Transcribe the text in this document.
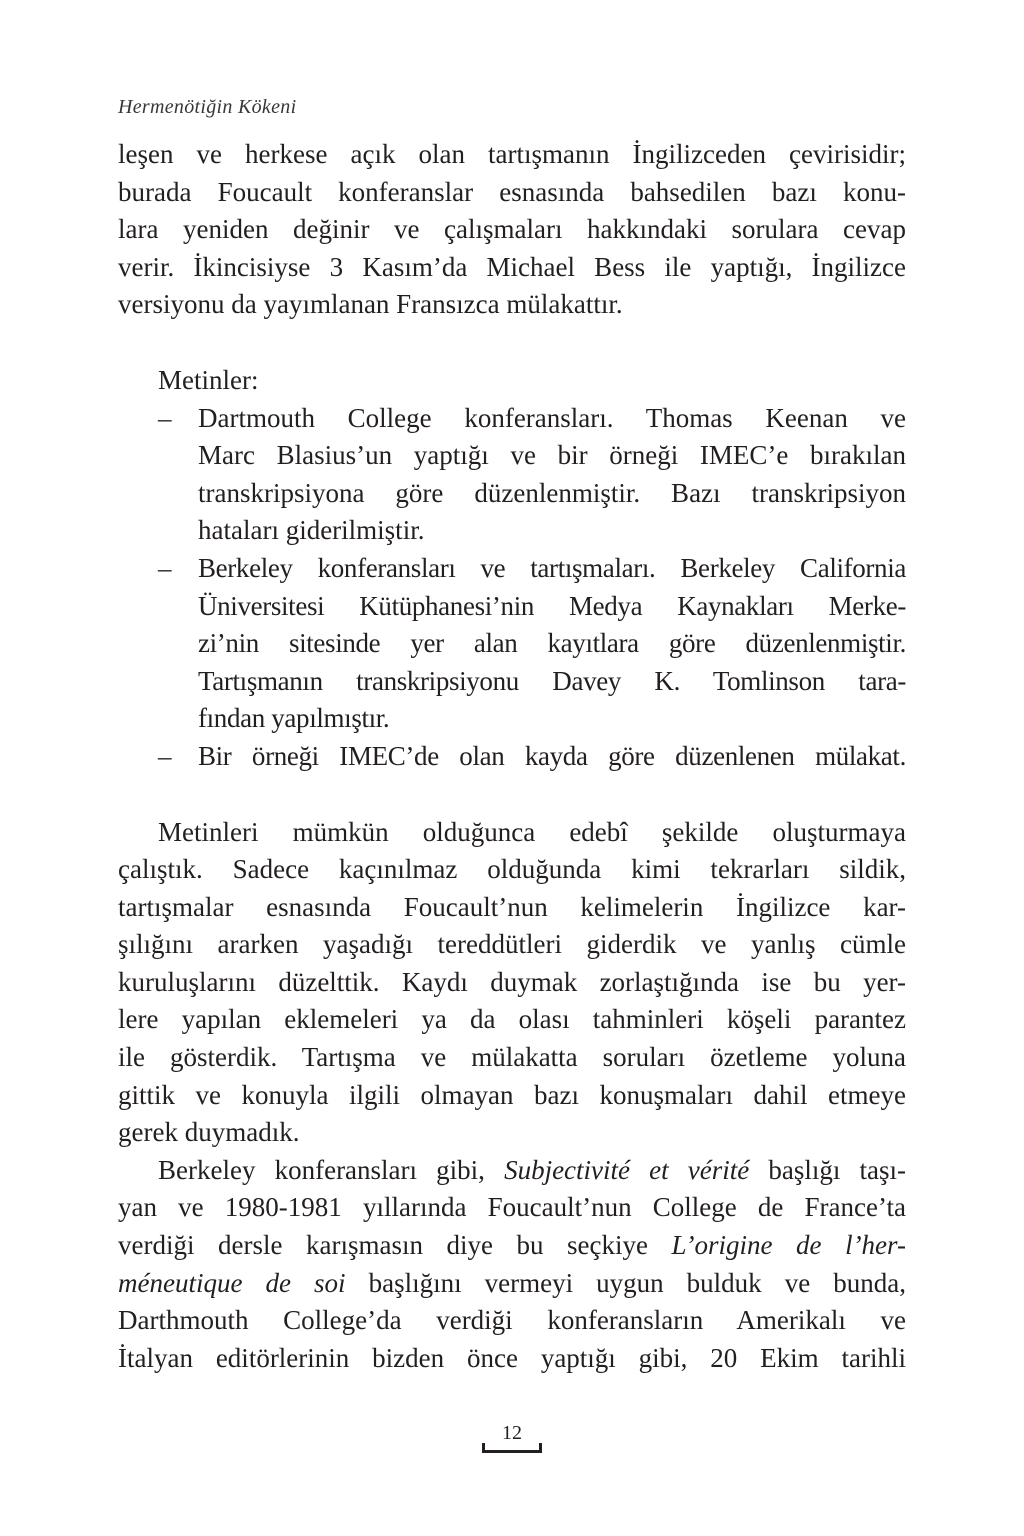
Hermenötiğin Kökeni
leşen ve herkese açık olan tartışmanın İngilizceden çevirisidir;
burada Foucault konferanslar esnasında bahsedilen bazı konu-
lara yeniden değinir ve çalışmaları hakkındaki sorulara cevap
verir. İkincisiyse 3 Kasım’da Michael Bess ile yaptığı, İngilizce
versiyonu da yayımlanan Fransızca mülakattır.
Metinler:
– Dartmouth College konferansları. Thomas Keenan ve
Marc Blasius’un yaptığı ve bir örneği IMEC’e bırakılan
transkripsiyona göre düzenlenmiştir. Bazı transkripsiyon
hataları giderilmiştir.
– Berkeley konferansları ve tartışmaları. Berkeley California
Üniversitesi Kütüphanesi’nin Medya Kaynakları Merke-
zi’nin sitesinde yer alan kayıtlara göre düzenlenmiştir.
Tartışmanın transkripsiyonu Davey K. Tomlinson tara-
fından yapılmıştır.
– Bir örneği IMEC’de olan kayda göre düzenlenen mülakat.
Metinleri mümkün olduğunca edebî şekilde oluşturmaya
çalıştık. Sadece kaçınılmaz olduğunda kimi tekrarları sildik,
tartışmalar esnasında Foucault’nun kelimelerin İngilizce kar-
şılığını ararken yaşadığı tereddütleri giderdik ve yanlış cümle
kuruluşlarını düzelttik. Kaydı duymak zorlaştığında ise bu yer-
lere yapılan eklemeleri ya da olası tahminleri köşeli parantez
ile gösterdik. Tartışma ve mülakatta soruları özetleme yoluna
gittik ve konuyla ilgili olmayan bazı konuşmaları dahil etmeye
gerek duymadık.
Berkeley konferansları gibi, Subjectivité et vérité başlığı taşı-
yan ve 1980-1981 yıllarında Foucault’nun College de France’ta
verdiği dersle karışmasın diye bu seçkiye L’origine de l’her-
méneutique de soi başlığını vermeyi uygun bulduk ve bunda,
Darthmouth College’da verdiği konferansların Amerikalı ve
İtalyan editörlerinin bizden önce yaptığı gibi, 20 Ekim tarihli
12
